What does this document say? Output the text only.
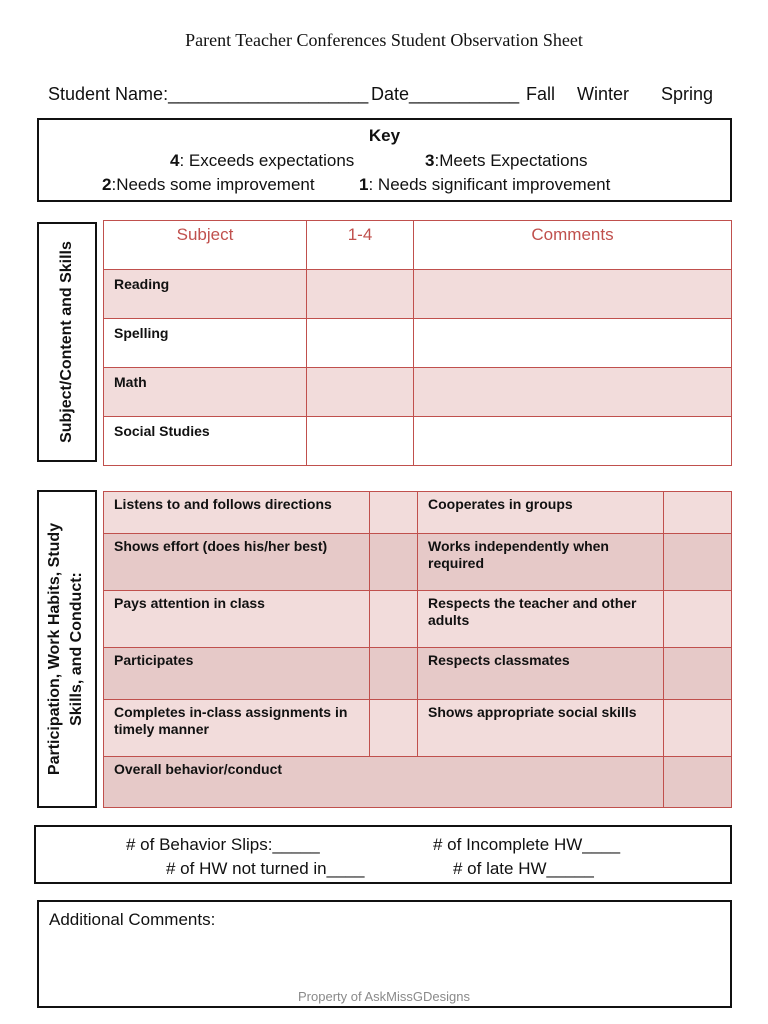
Parent Teacher Conferences Student Observation Sheet
Student Name:____________________ Date___________ Fall Winter Spring
Key
4: Exceeds expectations	3:Meets Expectations
2:Needs some improvement	1: Needs significant improvement
Subject/Content and Skills
Subject	1-4	Comments
Reading		
Spelling		
Math		
Social Studies		
Participation, Work Habits, Study Skills, and Conduct:
Listens to and follows directions		Cooperates in groups	
Shows effort (does his/her best)		Works independently when required	
Pays attention in class		Respects the teacher and other adults	
Participates		Respects classmates	
Completes in-class assignments in timely manner		Shows appropriate social skills	
Overall behavior/conduct			
# of Behavior Slips:_____	# of Incomplete HW____
# of HW not turned in____	# of late HW_____
Additional Comments:
Property of AskMissGDesigns
